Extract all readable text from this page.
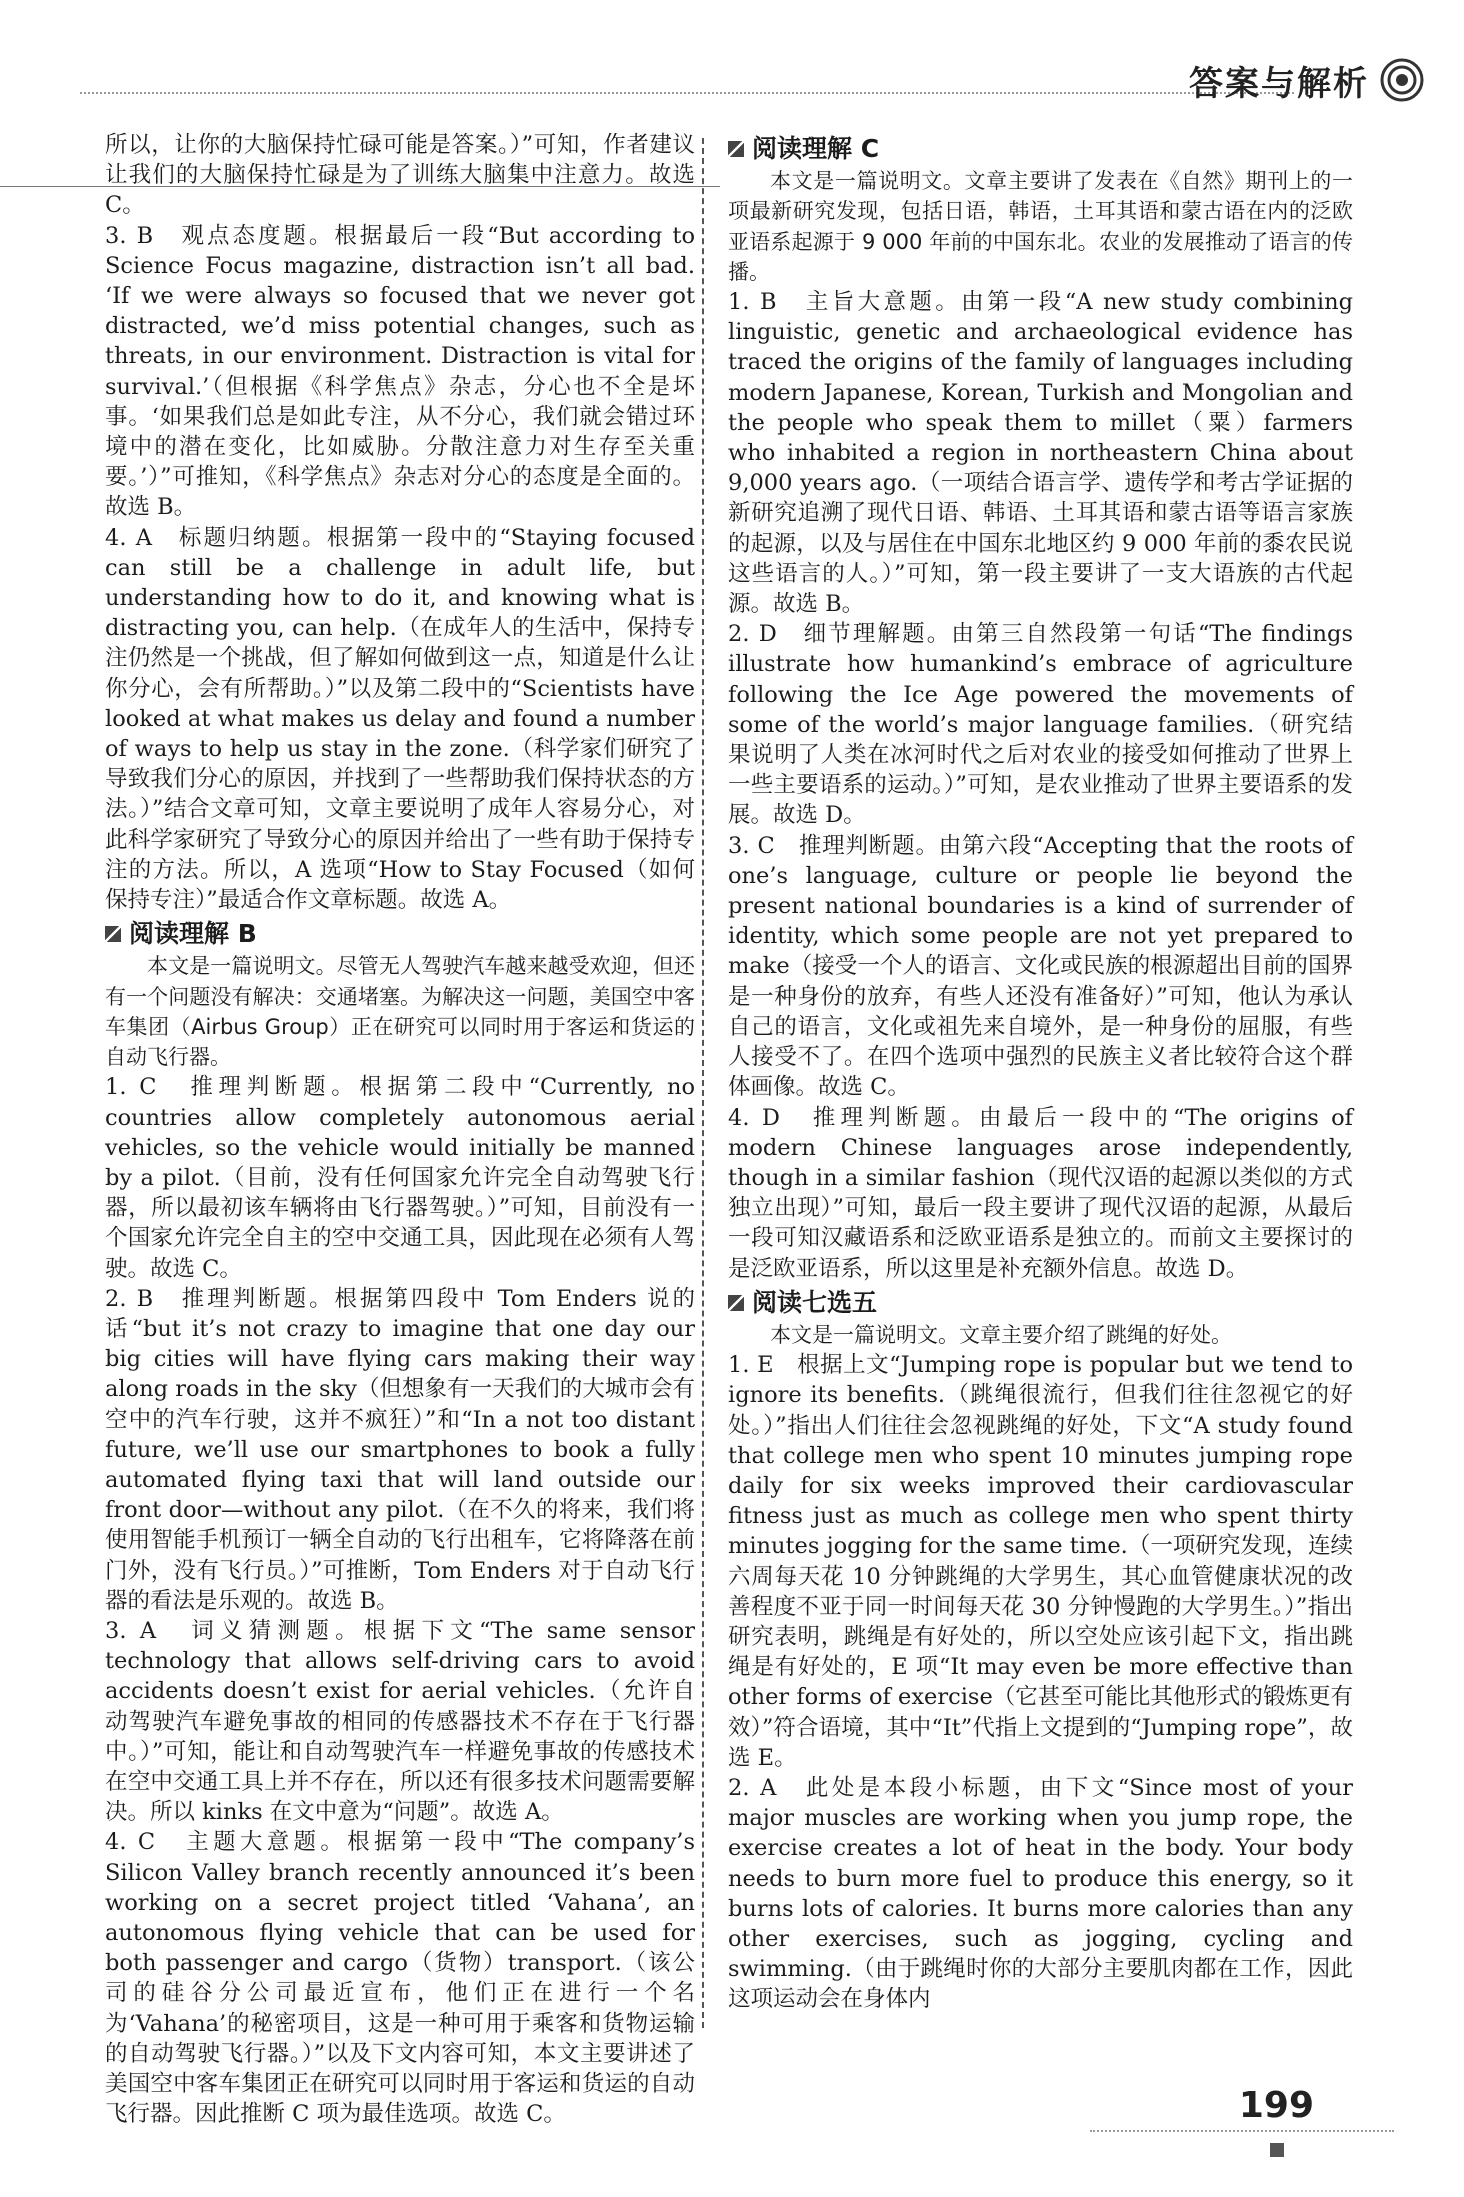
答案与解析

所以，让你的大脑保持忙碌可能是答案。）”可知，作者建议让我们的大脑保持忙碌是为了训练大脑集中注意力。故选 C。

3. B　观点态度题。根据最后一段“But according to Science Focus magazine, distraction isn’t all bad. ‘If we were always so focused that we never got distracted, we’d miss potential changes, such as threats, in our environment. Distraction is vital for survival.’（但根据《科学焦点》杂志，分心也不全是坏事。‘如果我们总是如此专注，从不分心，我们就会错过环境中的潜在变化，比如威胁。分散注意力对生存至关重要。’）”可推知，《科学焦点》杂志对分心的态度是全面的。故选 B。

4. A　标题归纳题。根据第一段中的“Staying focused can still be a challenge in adult life, but understanding how to do it, and knowing what is distracting you, can help.（在成年人的生活中，保持专注仍然是一个挑战，但了解如何做到这一点，知道是什么让你分心，会有所帮助。）”以及第二段中的“Scientists have looked at what makes us delay and found a number of ways to help us stay in the zone.（科学家们研究了导致我们分心的原因，并找到了一些帮助我们保持状态的方法。）”结合文章可知，文章主要说明了成年人容易分心，对此科学家研究了导致分心的原因并给出了一些有助于保持专注的方法。所以，A 选项“How to Stay Focused（如何保持专注）”最适合作文章标题。故选 A。

阅读理解 B

本文是一篇说明文。尽管无人驾驶汽车越来越受欢迎，但还有一个问题没有解决：交通堵塞。为解决这一问题，美国空中客车集团（Airbus Group）正在研究可以同时用于客运和货运的自动飞行器。

1. C　推理判断题。根据第二段中“Currently, no countries allow completely autonomous aerial vehicles, so the vehicle would initially be manned by a pilot.（目前，没有任何国家允许完全自动驾驶飞行器，所以最初该车辆将由飞行器驾驶。）”可知，目前没有一个国家允许完全自主的空中交通工具，因此现在必须有人驾驶。故选 C。

2. B　推理判断题。根据第四段中 Tom Enders 说的话“but it’s not crazy to imagine that one day our big cities will have flying cars making their way along roads in the sky（但想象有一天我们的大城市会有空中的汽车行驶，这并不疯狂）”和“In a not too distant future, we’ll use our smartphones to book a fully automated flying taxi that will land outside our front door—without any pilot.（在不久的将来，我们将使用智能手机预订一辆全自动的飞行出租车，它将降落在前门外，没有飞行员。）”可推断，Tom Enders 对于自动飞行器的看法是乐观的。故选 B。

3. A　词义猜测题。根据下文“The same sensor technology that allows self-driving cars to avoid accidents doesn’t exist for aerial vehicles.（允许自动驾驶汽车避免事故的相同的传感器技术不存在于飞行器中。）”可知，能让和自动驾驶汽车一样避免事故的传感技术在空中交通工具上并不存在，所以还有很多技术问题需要解决。所以 kinks 在文中意为“问题”。故选 A。

4. C　主题大意题。根据第一段中“The company’s Silicon Valley branch recently announced it’s been working on a secret project titled ‘Vahana’, an autonomous flying vehicle that can be used for both passenger and cargo（货物）transport.（该公司的硅谷分公司最近宣布，他们正在进行一个名为‘Vahana’的秘密项目，这是一种可用于乘客和货物运输的自动驾驶飞行器。）”以及下文内容可知，本文主要讲述了美国空中客车集团正在研究可以同时用于客运和货运的自动飞行器。因此推断 C 项为最佳选项。故选 C。

阅读理解 C

本文是一篇说明文。文章主要讲了发表在《自然》期刊上的一项最新研究发现，包括日语，韩语，土耳其语和蒙古语在内的泛欧亚语系起源于 9 000 年前的中国东北。农业的发展推动了语言的传播。

1. B　主旨大意题。由第一段“A new study combining linguistic, genetic and archaeological evidence has traced the origins of the family of languages including modern Japanese, Korean, Turkish and Mongolian and the people who speak them to millet（粟）farmers who inhabited a region in northeastern China about 9,000 years ago.（一项结合语言学、遗传学和考古学证据的新研究追溯了现代日语、韩语、土耳其语和蒙古语等语言家族的起源，以及与居住在中国东北地区约 9 000 年前的黍农民说这些语言的人。）”可知，第一段主要讲了一支大语族的古代起源。故选 B。

2. D　细节理解题。由第三自然段第一句话“The findings illustrate how humankind’s embrace of agriculture following the Ice Age powered the movements of some of the world’s major language families.（研究结果说明了人类在冰河时代之后对农业的接受如何推动了世界上一些主要语系的运动。）”可知，是农业推动了世界主要语系的发展。故选 D。

3. C　推理判断题。由第六段“Accepting that the roots of one’s language, culture or people lie beyond the present national boundaries is a kind of surrender of identity, which some people are not yet prepared to make（接受一个人的语言、文化或民族的根源超出目前的国界是一种身份的放弃，有些人还没有准备好）”可知，他认为承认自己的语言，文化或祖先来自境外，是一种身份的屈服，有些人接受不了。在四个选项中强烈的民族主义者比较符合这个群体画像。故选 C。

4. D　推理判断题。由最后一段中的“The origins of modern Chinese languages arose independently, though in a similar fashion（现代汉语的起源以类似的方式独立出现）”可知，最后一段主要讲了现代汉语的起源，从最后一段可知汉藏语系和泛欧亚语系是独立的。而前文主要探讨的是泛欧亚语系，所以这里是补充额外信息。故选 D。

阅读七选五

本文是一篇说明文。文章主要介绍了跳绳的好处。

1. E　根据上文“Jumping rope is popular but we tend to ignore its benefits.（跳绳很流行，但我们往往忽视它的好处。）”指出人们往往会忽视跳绳的好处，下文“A study found that college men who spent 10 minutes jumping rope daily for six weeks improved their cardiovascular fitness just as much as college men who spent thirty minutes jogging for the same time.（一项研究发现，连续六周每天花 10 分钟跳绳的大学男生，其心血管健康状况的改善程度不亚于同一时间每天花 30 分钟慢跑的大学男生。）”指出研究表明，跳绳是有好处的，所以空处应该引起下文，指出跳绳是有好处的，E 项“It may even be more effective than other forms of exercise（它甚至可能比其他形式的锻炼更有效）”符合语境，其中“It”代指上文提到的“Jumping rope”，故选 E。

2. A　此处是本段小标题，由下文“Since most of your major muscles are working when you jump rope, the exercise creates a lot of heat in the body. Your body needs to burn more fuel to produce this energy, so it burns lots of calories. It burns more calories than any other exercises, such as jogging, cycling and swimming.（由于跳绳时你的大部分主要肌肉都在工作，因此这项运动会在身体内

199
